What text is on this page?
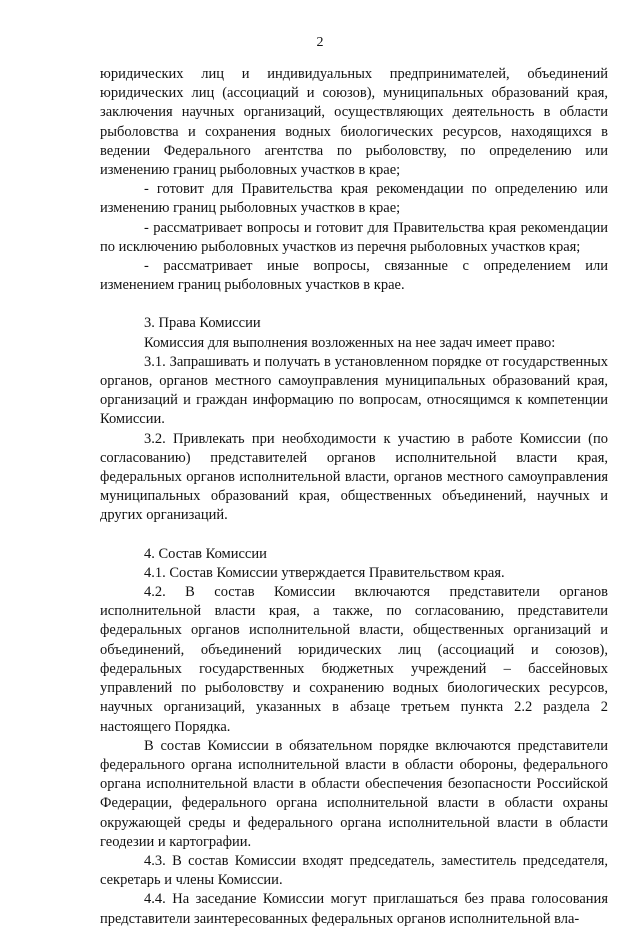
2

юридических лиц и индивидуальных предпринимателей, объединений юридических лиц (ассоциаций и союзов), муниципальных образований края, заключения научных организаций, осуществляющих деятельность в области рыболовства и сохранения водных биологических ресурсов, находящихся в ведении Федерального агентства по рыболовству, по определению или изменению границ рыболовных участков в крае;

- готовит для Правительства края рекомендации по определению или изменению границ рыболовных участков в крае;

- рассматривает вопросы и готовит для Правительства края рекомендации по исключению рыболовных участков из перечня рыболовных участков края;

- рассматривает иные вопросы, связанные с определением или изменением границ рыболовных участков в крае.

3. Права Комиссии

Комиссия для выполнения возложенных на нее задач имеет право:

3.1. Запрашивать и получать в установленном порядке от государственных органов, органов местного самоуправления муниципальных образований края, организаций и граждан информацию по вопросам, относящимся к компетенции Комиссии.

3.2. Привлекать при необходимости к участию в работе Комиссии (по согласованию) представителей органов исполнительной власти края, федеральных органов исполнительной власти, органов местного самоуправления муниципальных образований края, общественных объединений, научных и других организаций.

4. Состав Комиссии

4.1. Состав Комиссии утверждается Правительством края.

4.2. В состав Комиссии включаются представители органов исполнительной власти края, а также, по согласованию, представители федеральных органов исполнительной власти, общественных организаций и объединений, объединений юридических лиц (ассоциаций и союзов), федеральных государственных бюджетных учреждений – бассейновых управлений по рыболовству и сохранению водных биологических ресурсов, научных организаций, указанных в абзаце третьем пункта 2.2 раздела 2 настоящего Порядка.

В состав Комиссии в обязательном порядке включаются представители федерального органа исполнительной власти в области обороны, федерального органа исполнительной власти в области обеспечения безопасности Российской Федерации, федерального органа исполнительной власти в области охраны окружающей среды и федерального органа исполнительной власти в области геодезии и картографии.

4.3. В состав Комиссии входят председатель, заместитель председателя, секретарь и члены Комиссии.

4.4. На заседание Комиссии могут приглашаться без права голосования представители заинтересованных федеральных органов исполнительной вла-
